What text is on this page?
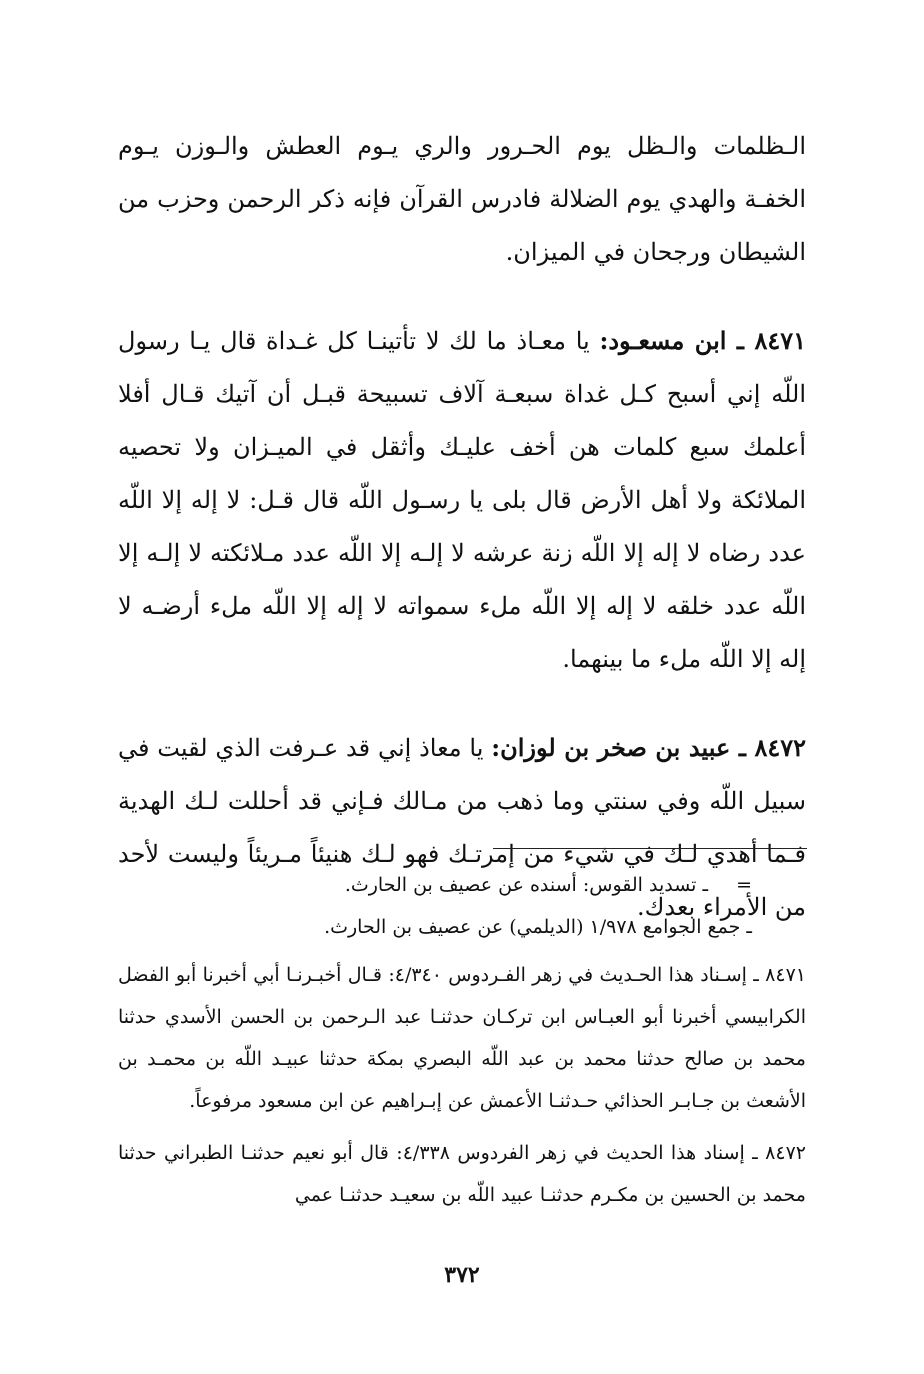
الـظلمات والـظل يوم الحـرور والري يـوم العطش والـوزن يـوم الخفـة والهدي يوم الضلالة فادرس القرآن فإنه ذكر الرحمن وحزب من الشيطان ورجحان في الميزان.

٨٤٧١ ـ ابن مسعـود: يا معـاذ ما لك لا تأتينـا كل غـداة قال يـا رسول اللّه إني أسبح كـل غداة سبعـة آلاف تسبيحة قبـل أن آتيك قـال أفلا أعلمك سبع كلمات هن أخف عليـك وأثقل في الميـزان ولا تحصيه الملائكة ولا أهل الأرض قال بلى يا رسـول اللّه قال قـل: لا إله إلا اللّه عدد رضاه لا إله إلا اللّه زنة عرشه لا إلـه إلا اللّه عدد مـلائكته لا إلـه إلا اللّه عدد خلقه لا إله إلا اللّه ملء سمواته لا إله إلا اللّه ملء أرضـه لا إله إلا اللّه ملء ما بينهما.

٨٤٧٢ ـ عبيد بن صخر بن لوزان: يا معاذ إني قد عـرفت الذي لقيت في سبيل اللّه وفي سنتي وما ذهب من مـالك فـإني قد أحللت لـك الهدية فـما أهدي لـك في شيء من إمرتـك فهو لـك هنيئاً مـريئاً وليست لأحد من الأمراء بعدك.

=ـ تسديد القوس: أسنده عن عصيف بن الحارث.

ـ جمع الجوامع ١/٩٧٨ (الديلمي) عن عصيف بن الحارث.

٨٤٧١ ـ إسـناد هذا الحـديث في زهر الفـردوس ٤/٣٤٠: قـال أخبـرنـا أبي أخبرنا أبو الفضل الكرابيسي أخبرنا أبو العبـاس ابن تركـان حدثنـا عبد الـرحمن بن الحسن الأسدي حدثنا محمد بن صالح حدثنا محمد بن عبد اللّه البصري بمكة حدثنا عبيـد اللّه بن محمـد بن الأشعث بن جـابـر الحذائي حـدثنـا الأعمش عن إبـراهيم عن ابن مسعود مرفوعاً.

٨٤٧٢ ـ إسناد هذا الحديث في زهر الفردوس ٤/٣٣٨: قال أبو نعيم حدثنـا الطبراني حدثنا محمد بن الحسين بن مكـرم حدثنـا عبيد اللّه بن سعيـد حدثنـا عمي

٣٧٢
